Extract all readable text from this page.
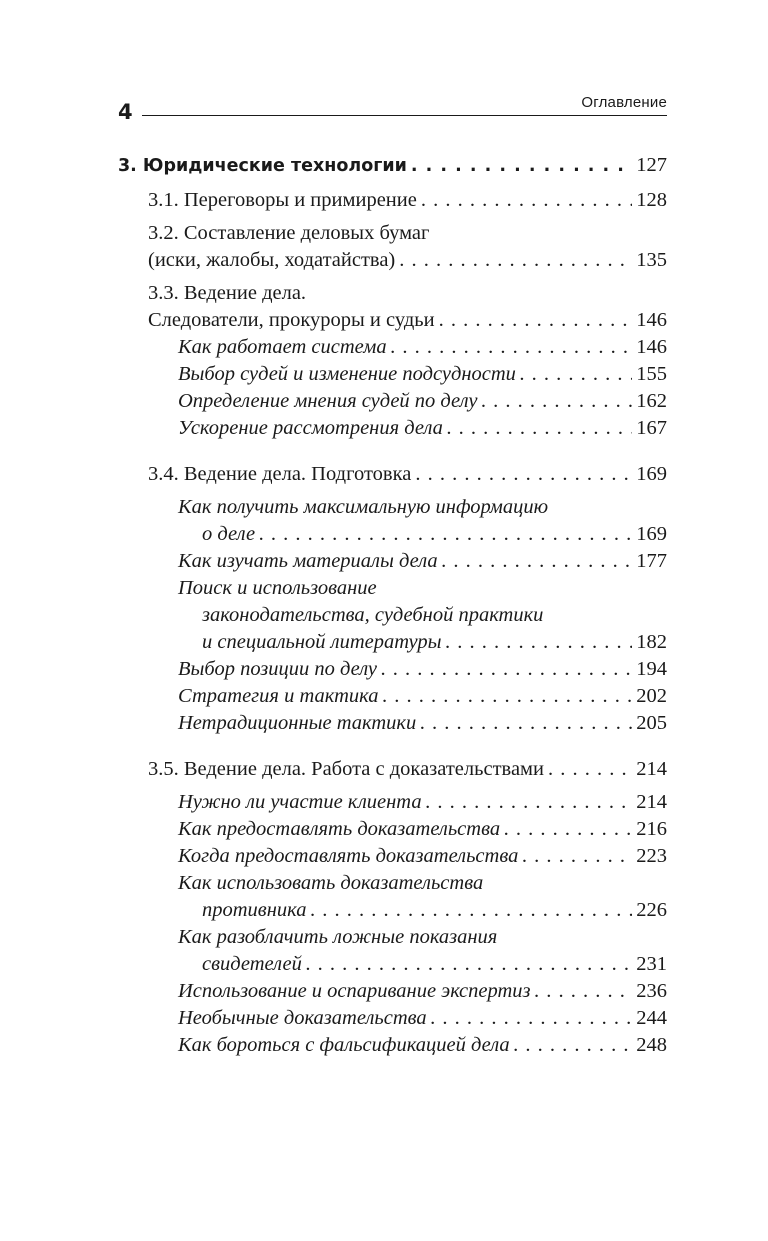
4	Оглавление
3. Юридические технологии . . .	127
3.1. Переговоры и примирение . . .	128
3.2. Составление деловых бумаг
(иски, жалобы, ходатайства) . . .	135
3.3. Ведение дела.
Следователи, прокуроры и судьи . . .	146
Как работает система . . .	146
Выбор судей и изменение подсудности . . .	155
Определение мнения судей по делу . . .	162
Ускорение рассмотрения дела . . .	167
3.4. Ведение дела. Подготовка . . .	169
Как получить максимальную информацию
о деле . . .	169
Как изучать материалы дела . . .	177
Поиск и использование
законодательства, судебной практики
и специальной литературы . . .	182
Выбор позиции по делу . . .	194
Стратегия и тактика . . .	202
Нетрадиционные тактики . . .	205
3.5. Ведение дела. Работа с доказательствами . . .	214
Нужно ли участие клиента . . .	214
Как предоставлять доказательства . . .	216
Когда предоставлять доказательства . . .	223
Как использовать доказательства
противника . . .	226
Как разоблачить ложные показания
свидетелей . . .	231
Использование и оспаривание экспертиз . . .	236
Необычные доказательства . . .	244
Как бороться с фальсификацией дела . . .	248
